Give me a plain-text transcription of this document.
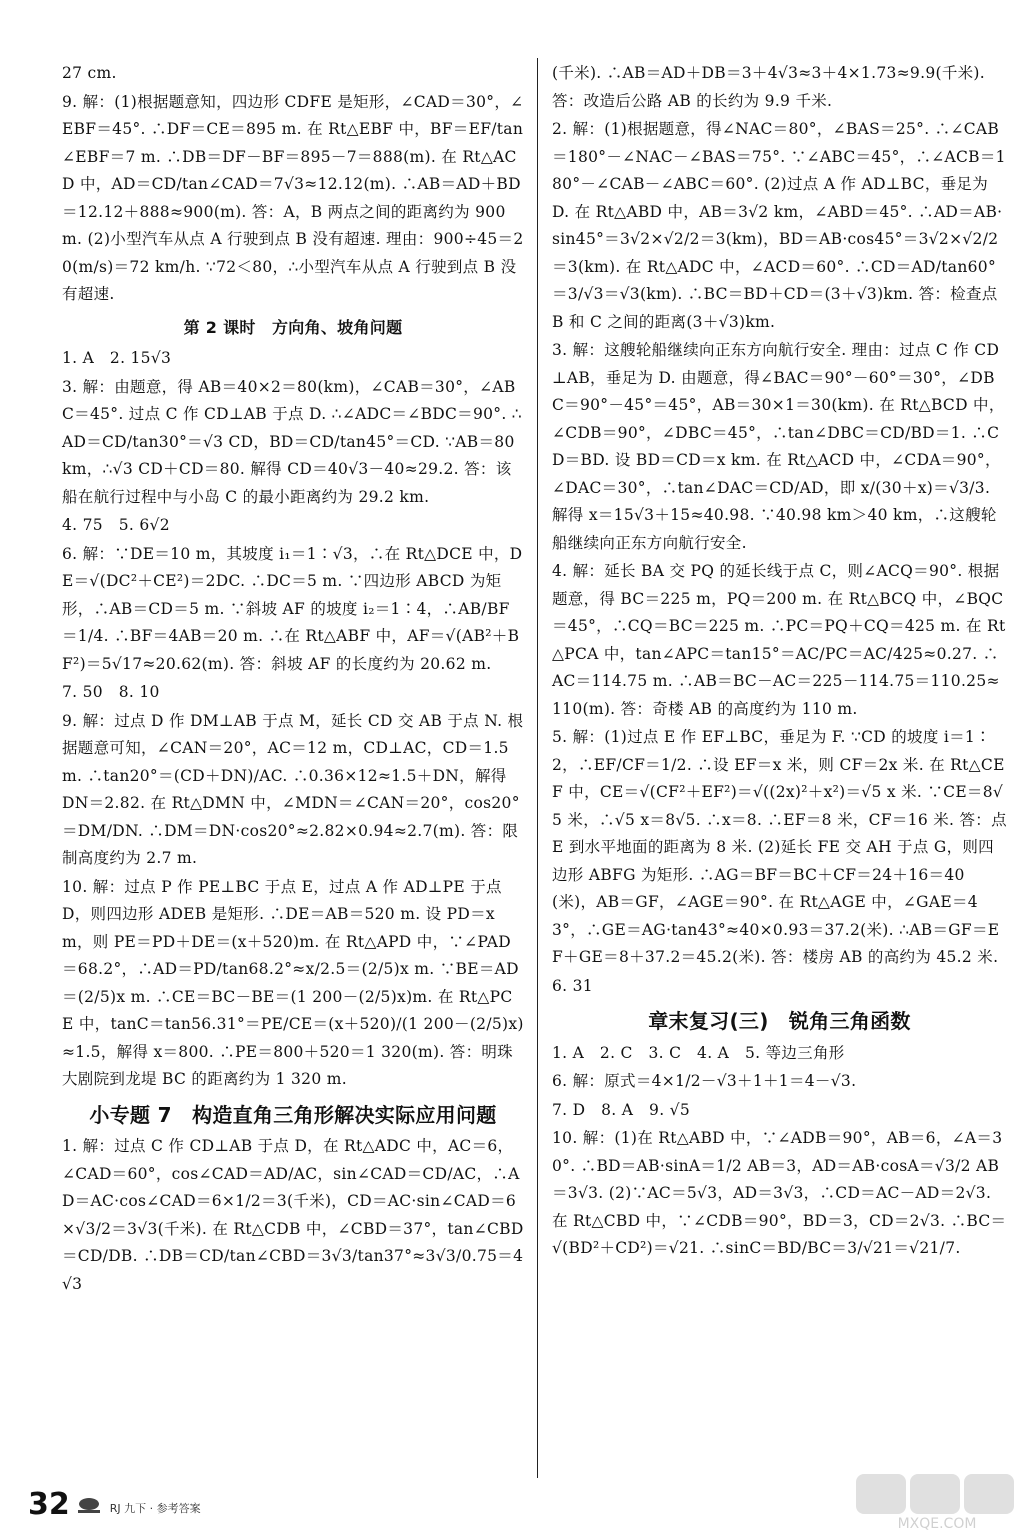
27 cm.

9. 解：(1)根据题意知，四边形 CDFE 是矩形，∠CAD＝30°，∠EBF＝45°. ∴DF＝CE＝895 m. 在 Rt△EBF 中，BF＝EF/tan∠EBF＝7 m. ∴DB＝DF－BF＝895－7＝888(m). 在 Rt△ACD 中，AD＝CD/tan∠CAD＝7√3≈12.12(m). ∴AB＝AD＋BD＝12.12＋888≈900(m). 答：A，B 两点之间的距离约为 900 m. (2)小型汽车从点 A 行驶到点 B 没有超速. 理由：900÷45＝20(m/s)＝72 km/h. ∵72＜80，∴小型汽车从点 A 行驶到点 B 没有超速.

第 2 课时　方向角、坡角问题

1. A　2. 15√3

3. 解：由题意，得 AB＝40×2＝80(km)，∠CAB＝30°，∠ABC＝45°. 过点 C 作 CD⊥AB 于点 D. ∴∠ADC＝∠BDC＝90°. ∴AD＝CD/tan30°＝√3 CD，BD＝CD/tan45°＝CD. ∵AB＝80 km，∴√3 CD＋CD＝80. 解得 CD＝40√3－40≈29.2. 答：该船在航行过程中与小岛 C 的最小距离约为 29.2 km.

4. 75　5. 6√2

6. 解：∵DE＝10 m，其坡度 i₁＝1∶√3，∴在 Rt△DCE 中，DE＝√(DC²＋CE²)＝2DC. ∴DC＝5 m. ∵四边形 ABCD 为矩形，∴AB＝CD＝5 m. ∵斜坡 AF 的坡度 i₂＝1∶4，∴AB/BF＝1/4. ∴BF＝4AB＝20 m. ∴在 Rt△ABF 中，AF＝√(AB²＋BF²)＝5√17≈20.62(m). 答：斜坡 AF 的长度约为 20.62 m.

7. 50　8. 10

9. 解：过点 D 作 DM⊥AB 于点 M，延长 CD 交 AB 于点 N. 根据题意可知，∠CAN＝20°，AC＝12 m，CD⊥AC，CD＝1.5 m. ∴tan20°＝(CD＋DN)/AC. ∴0.36×12≈1.5＋DN，解得 DN＝2.82. 在 Rt△DMN 中，∠MDN＝∠CAN＝20°，cos20°＝DM/DN. ∴DM＝DN·cos20°≈2.82×0.94≈2.7(m). 答：限制高度约为 2.7 m.

10. 解：过点 P 作 PE⊥BC 于点 E，过点 A 作 AD⊥PE 于点 D，则四边形 ADEB 是矩形. ∴DE＝AB＝520 m. 设 PD＝x m，则 PE＝PD＋DE＝(x＋520)m. 在 Rt△APD 中，∵∠PAD＝68.2°，∴AD＝PD/tan68.2°≈x/2.5＝(2/5)x m. ∵BE＝AD＝(2/5)x m. ∴CE＝BC－BE＝(1 200－(2/5)x)m. 在 Rt△PCE 中，tanC＝tan56.31°＝PE/CE＝(x＋520)/(1 200－(2/5)x)≈1.5，解得 x＝800. ∴PE＝800＋520＝1 320(m). 答：明珠大剧院到龙堤 BC 的距离约为 1 320 m.

小专题 7　构造直角三角形解决实际应用问题

1. 解：过点 C 作 CD⊥AB 于点 D，在 Rt△ADC 中，AC＝6，∠CAD＝60°，cos∠CAD＝AD/AC，sin∠CAD＝CD/AC，∴AD＝AC·cos∠CAD＝6×1/2＝3(千米)，CD＝AC·sin∠CAD＝6×√3/2＝3√3(千米). 在 Rt△CDB 中，∠CBD＝37°，tan∠CBD＝CD/DB. ∴DB＝CD/tan∠CBD＝3√3/tan37°≈3√3/0.75＝4√3

(千米). ∴AB＝AD＋DB＝3＋4√3≈3＋4×1.73≈9.9(千米). 答：改造后公路 AB 的长约为 9.9 千米.

2. 解：(1)根据题意，得∠NAC＝80°，∠BAS＝25°. ∴∠CAB＝180°－∠NAC－∠BAS＝75°. ∵∠ABC＝45°，∴∠ACB＝180°－∠CAB－∠ABC＝60°. (2)过点 A 作 AD⊥BC，垂足为 D. 在 Rt△ABD 中，AB＝3√2 km，∠ABD＝45°. ∴AD＝AB·sin45°＝3√2×√2/2＝3(km)，BD＝AB·cos45°＝3√2×√2/2＝3(km). 在 Rt△ADC 中，∠ACD＝60°. ∴CD＝AD/tan60°＝3/√3＝√3(km). ∴BC＝BD＋CD＝(3＋√3)km. 答：检查点 B 和 C 之间的距离(3＋√3)km.

3. 解：这艘轮船继续向正东方向航行安全. 理由：过点 C 作 CD⊥AB，垂足为 D. 由题意，得∠BAC＝90°－60°＝30°，∠DBC＝90°－45°＝45°，AB＝30×1＝30(km). 在 Rt△BCD 中，∠CDB＝90°，∠DBC＝45°，∴tan∠DBC＝CD/BD＝1. ∴CD＝BD. 设 BD＝CD＝x km. 在 Rt△ACD 中，∠CDA＝90°，∠DAC＝30°，∴tan∠DAC＝CD/AD，即 x/(30＋x)＝√3/3. 解得 x＝15√3＋15≈40.98. ∵40.98 km＞40 km，∴这艘轮船继续向正东方向航行安全.

4. 解：延长 BA 交 PQ 的延长线于点 C，则∠ACQ＝90°. 根据题意，得 BC＝225 m，PQ＝200 m. 在 Rt△BCQ 中，∠BQC＝45°，∴CQ＝BC＝225 m. ∴PC＝PQ＋CQ＝425 m. 在 Rt△PCA 中，tan∠APC＝tan15°＝AC/PC＝AC/425≈0.27. ∴AC＝114.75 m. ∴AB＝BC－AC＝225－114.75＝110.25≈110(m). 答：奇楼 AB 的高度约为 110 m.

5. 解：(1)过点 E 作 EF⊥BC，垂足为 F. ∵CD 的坡度 i＝1∶2，∴EF/CF＝1/2. ∴设 EF＝x 米，则 CF＝2x 米. 在 Rt△CEF 中，CE＝√(CF²＋EF²)＝√((2x)²＋x²)＝√5 x 米. ∵CE＝8√5 米，∴√5 x＝8√5. ∴x＝8. ∴EF＝8 米，CF＝16 米. 答：点 E 到水平地面的距离为 8 米. (2)延长 FE 交 AH 于点 G，则四边形 ABFG 为矩形. ∴AG＝BF＝BC＋CF＝24＋16＝40(米)，AB＝GF，∠AGE＝90°. 在 Rt△AGE 中，∠GAE＝43°，∴GE＝AG·tan43°≈40×0.93＝37.2(米). ∴AB＝GF＝EF＋GE＝8＋37.2＝45.2(米). 答：楼房 AB 的高约为 45.2 米.

6. 31

章末复习(三)　锐角三角函数

1. A　2. C　3. C　4. A　5. 等边三角形

6. 解：原式＝4×1/2－√3＋1＋1＝4－√3.

7. D　8. A　9. √5

10. 解：(1)在 Rt△ABD 中，∵∠ADB＝90°，AB＝6，∠A＝30°. ∴BD＝AB·sinA＝1/2 AB＝3，AD＝AB·cosA＝√3/2 AB＝3√3. (2)∵AC＝5√3，AD＝3√3，∴CD＝AC－AD＝2√3. 在 Rt△CBD 中，∵∠CDB＝90°，BD＝3，CD＝2√3. ∴BC＝√(BD²＋CD²)＝√21. ∴sinC＝BD/BC＝3/√21＝√21/7.

32	RJ 九下 · 参考答案
MXQE.COM
